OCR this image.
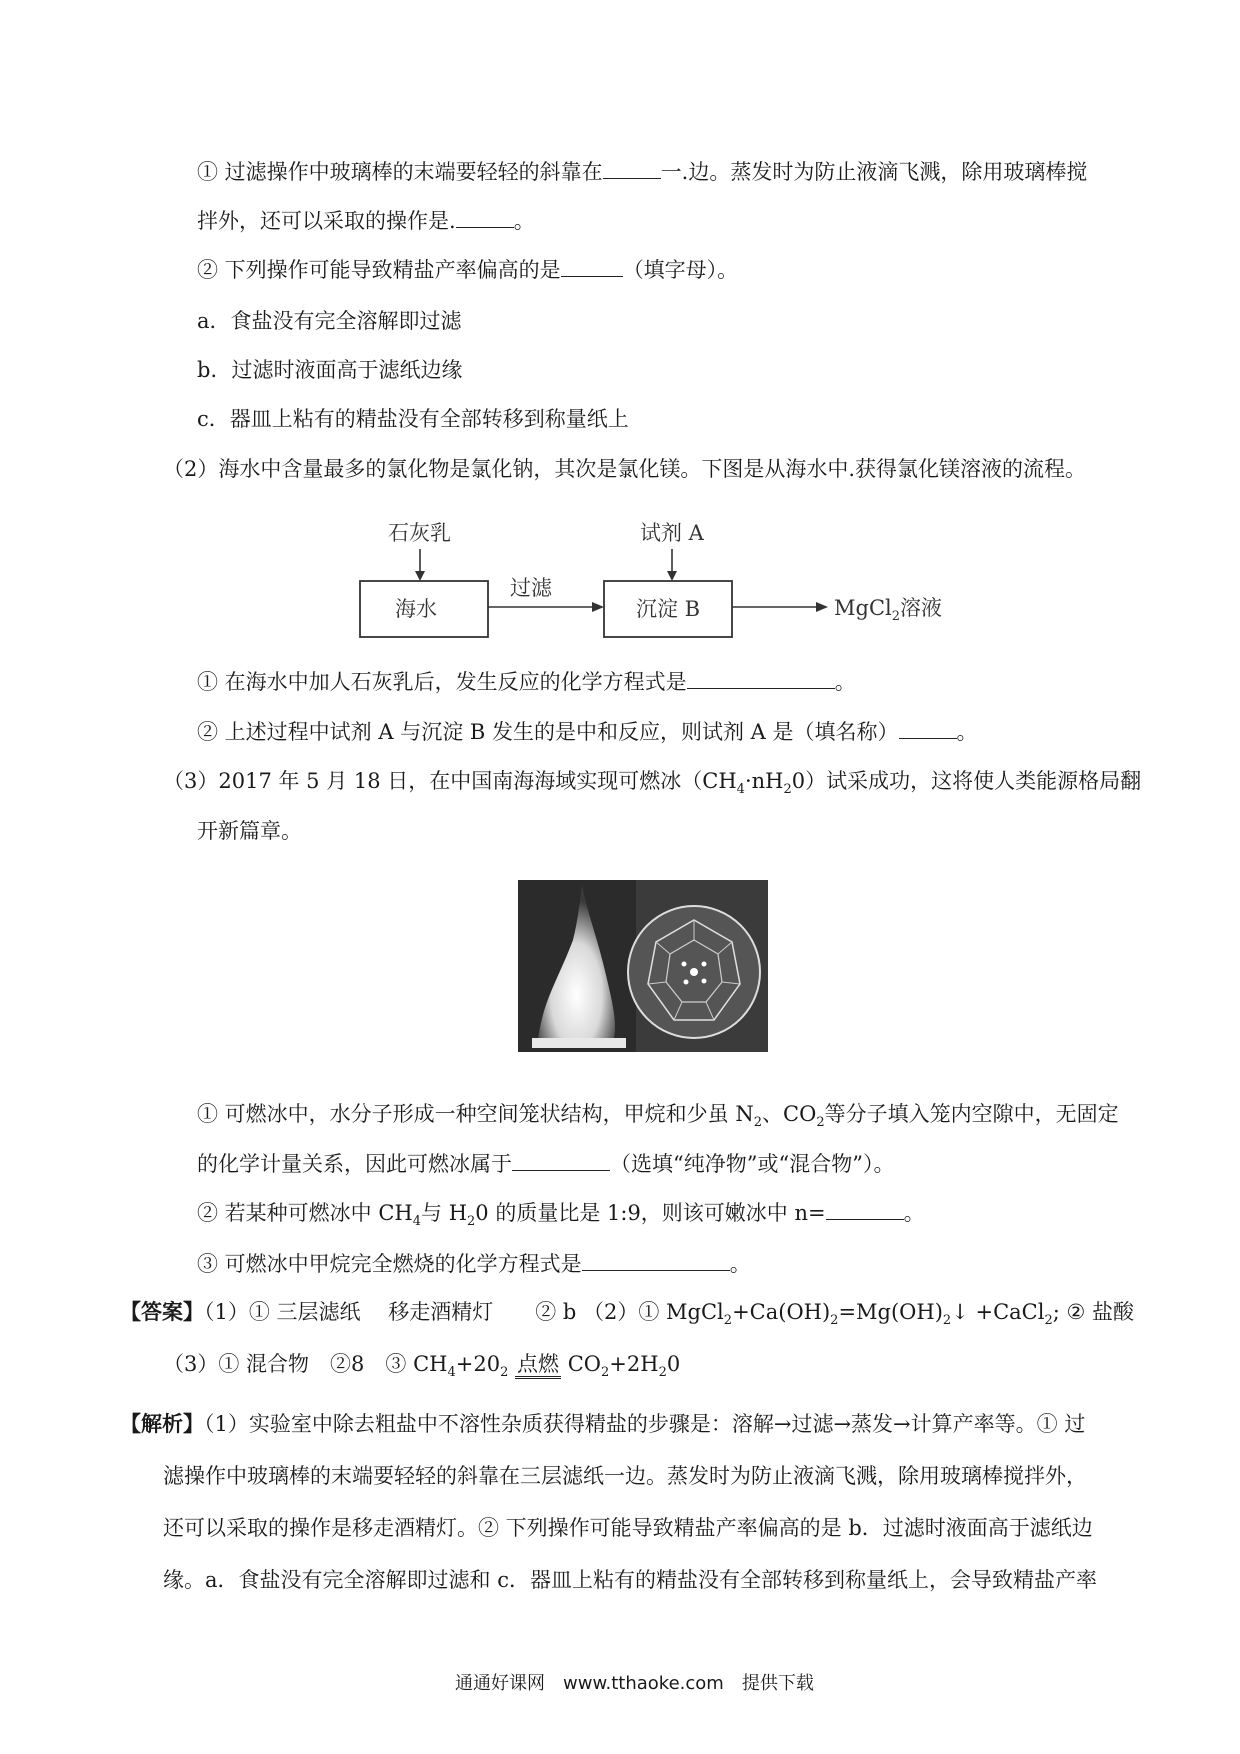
① 过滤操作中玻璃棒的末端要轻轻的斜靠在	一.边。蒸发时为防止液滴飞溅，除用玻璃棒搅
拌外，还可以采取的操作是.	。
② 下列操作可能导致精盐产率偏高的是	（填字母）。
a．食盐没有完全溶解即过滤
b．过滤时液面高于滤纸边缘
c．器皿上粘有的精盐没有全部转移到称量纸上
（2）海水中含量最多的氯化物是氯化钠，其次是氯化镁。下图是从海水中.获得氯化镁溶液的流程。
石灰乳
海水
过滤
试剂 A
沉淀 B	MgCl$_2$溶液
① 在海水中加人石灰乳后，发生反应的化学方程式是	。
② 上述过程中试剂 A 与沉淀 B 发生的是中和反应，则试剂 A 是（填名称）	。
（3）2017 年 5 月 18 日，在中国南海海域实现可燃冰$(CH_4\cdot nH_20)$试采成功，这将使人类能源格局翻
开新篇章。
① 可燃冰中，水分子形成一种空间笼状结构，甲烷和少虽 $N_2$、$CO_2$等分子填入笼内空隙中，无固定
的化学计量关系，因此可燃冰属于	（选填“纯净物”或“混合物”）。
② 若某种可燃冰中 $CH_4$与 $H_20$ 的质量比是 1:9，则该可嫩冰中 n=	。
③ 可燃冰中甲烷完全燃烧的化学方程式是	。
【答案】（1）① 三层滤纸　 移走酒精灯　　② b （2）① $MgCl_2+Ca(OH)_2=Mg(OH)_2↓$ +CaCl$_2$; ② 盐酸
（3）① 混合物　②8　③ $CH_4+20_2$ 点燃 $CO_2+2H_20$
【解析】（1）实验室中除去粗盐中不溶性杂质获得精盐的步骤是：溶解→过滤→蒸发→计算产率等。① 过
滤操作中玻璃棒的末端要轻轻的斜靠在三层滤纸一边。蒸发时为防止液滴飞溅，除用玻璃棒搅拌外，
还可以采取的操作是移走酒精灯。② 下列操作可能导致精盐产率偏高的是 b．过滤时液面高于滤纸边
缘。a．食盐没有完全溶解即过滤和 c．器皿上粘有的精盐没有全部转移到称量纸上，会导致精盐产率
通通好课网　www.tthaoke.com　提供下载
